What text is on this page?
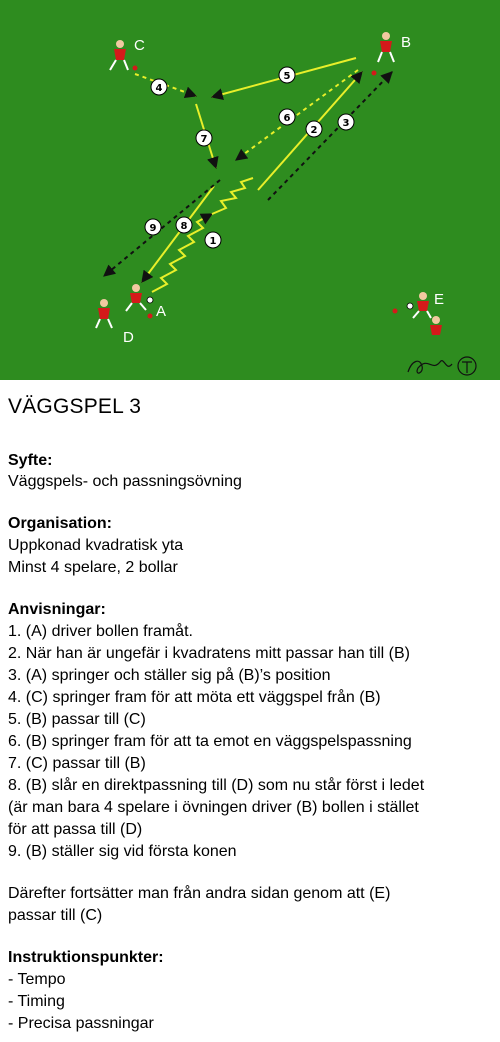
1
2
3
4
5
6
7
8
9
C	B
A
D
E
VÄGGSPEL 3
Syfte:
Väggspels- och passningsövning
Organisation:
Uppkonad kvadratisk yta
Minst 4 spelare, 2 bollar
Anvisningar:
1. (A) driver bollen framåt.
2. När han är ungefär i kvadratens mitt passar han till (B)
3. (A) springer och ställer sig på (B)’s position
4. (C) springer fram för att möta ett väggspel från (B)
5. (B) passar till (C)
6. (B) springer fram för att ta emot en väggspelspassning
7. (C) passar till (B)
8. (B) slår en direktpassning till (D) som nu står först i ledet
(är man bara 4 spelare i övningen driver (B) bollen i stället
för att passa till (D)
9. (B) ställer sig vid första konen
Därefter fortsätter man från andra sidan genom att (E)
passar till (C)
Instruktionspunkter:
- Tempo
- Timing
- Precisa passningar
